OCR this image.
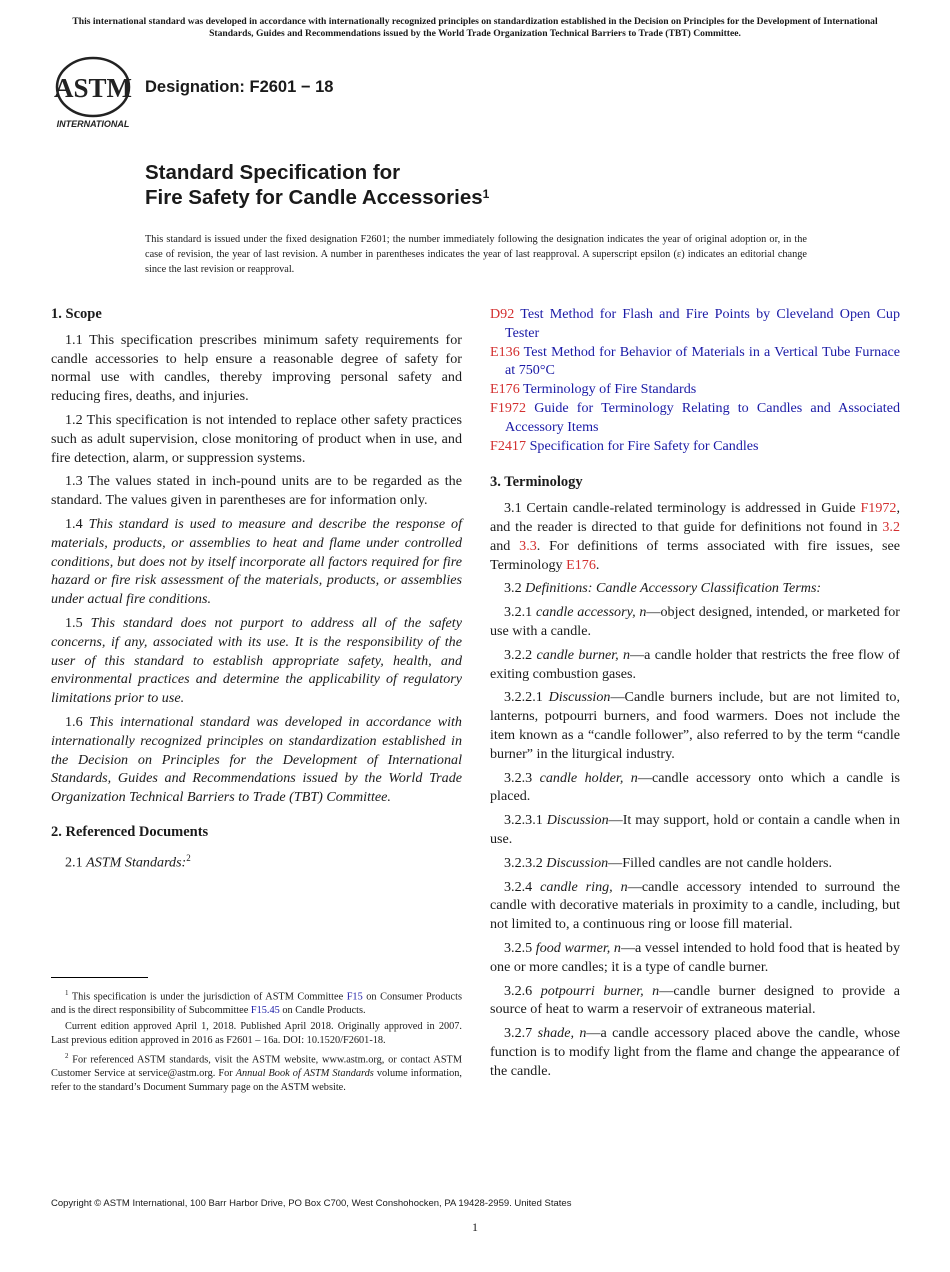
This international standard was developed in accordance with internationally recognized principles on standardization established in the Decision on Principles for the Development of International Standards, Guides and Recommendations issued by the World Trade Organization Technical Barriers to Trade (TBT) Committee.
ASTM
INTERNATIONAL
Designation: F2601 − 18
Standard Specification for
Fire Safety for Candle Accessories$^1$
This standard is issued under the fixed designation F2601; the number immediately following the designation indicates the year of original adoption or, in the case of revision, the year of last revision. A number in parentheses indicates the year of last reapproval. A superscript epsilon (ε) indicates an editorial change since the last revision or reapproval.
1. Scope

1.1 This specification prescribes minimum safety requirements for candle accessories to help ensure a reasonable degree of safety for normal use with candles, thereby improving personal safety and reducing fires, deaths, and injuries.

1.2 This specification is not intended to replace other safety practices such as adult supervision, close monitoring of product when in use, and fire detection, alarm, or suppression systems.

1.3 The values stated in inch-pound units are to be regarded as the standard. The values given in parentheses are for information only.

1.4 This standard is used to measure and describe the response of materials, products, or assemblies to heat and flame under controlled conditions, but does not by itself incorporate all factors required for fire hazard or fire risk assessment of the materials, products, or assemblies under actual fire conditions.

1.5 This standard does not purport to address all of the safety concerns, if any, associated with its use. It is the responsibility of the user of this standard to establish appropriate safety, health, and environmental practices and determine the applicability of regulatory limitations prior to use.

1.6 This international standard was developed in accordance with internationally recognized principles on standardization established in the Decision on Principles for the Development of International Standards, Guides and Recommendations issued by the World Trade Organization Technical Barriers to Trade (TBT) Committee.

2. Referenced Documents

2.1 ASTM Standards:$^2$

$^1$ This specification is under the jurisdiction of ASTM Committee F15 on Consumer Products and is the direct responsibility of Subcommittee F15.45 on Candle Products.

Current edition approved April 1, 2018. Published April 2018. Originally approved in 2007. Last previous edition approved in 2016 as F2601 – 16a. DOI: 10.1520/F2601-18.

$^2$ For referenced ASTM standards, visit the ASTM website, www.astm.org, or contact ASTM Customer Service at service@astm.org. For Annual Book of ASTM Standards volume information, refer to the standard’s Document Summary page on the ASTM website.

D92 Test Method for Flash and Fire Points by Cleveland Open Cup Tester

E136 Test Method for Behavior of Materials in a Vertical Tube Furnace at 750°C

E176 Terminology of Fire Standards

F1972 Guide for Terminology Relating to Candles and Associated Accessory Items

F2417 Specification for Fire Safety for Candles

3. Terminology

3.1 Certain candle-related terminology is addressed in Guide F1972, and the reader is directed to that guide for definitions not found in 3.2 and 3.3. For definitions of terms associated with fire issues, see Terminology E176.

3.2 Definitions: Candle Accessory Classification Terms:

3.2.1 candle accessory, n—object designed, intended, or marketed for use with a candle.

3.2.2 candle burner, n—a candle holder that restricts the free flow of exiting combustion gases.

3.2.2.1 Discussion—Candle burners include, but are not limited to, lanterns, potpourri burners, and food warmers. Does not include the item known as a “candle follower”, also referred to by the term “candle burner” in the liturgical industry.

3.2.3 candle holder, n—candle accessory onto which a candle is placed.

3.2.3.1 Discussion—It may support, hold or contain a candle when in use.

3.2.3.2 Discussion—Filled candles are not candle holders.

3.2.4 candle ring, n—candle accessory intended to surround the candle with decorative materials in proximity to a candle, including, but not limited to, a continuous ring or loose fill material.

3.2.5 food warmer, n—a vessel intended to hold food that is heated by one or more candles; it is a type of candle burner.

3.2.6 potpourri burner, n—candle burner designed to provide a source of heat to warm a reservoir of extraneous material.

3.2.7 shade, n—a candle accessory placed above the candle, whose function is to modify light from the flame and change the appearance of the candle.

Copyright © ASTM International, 100 Barr Harbor Drive, PO Box C700, West Conshohocken, PA 19428-2959. United States
1
